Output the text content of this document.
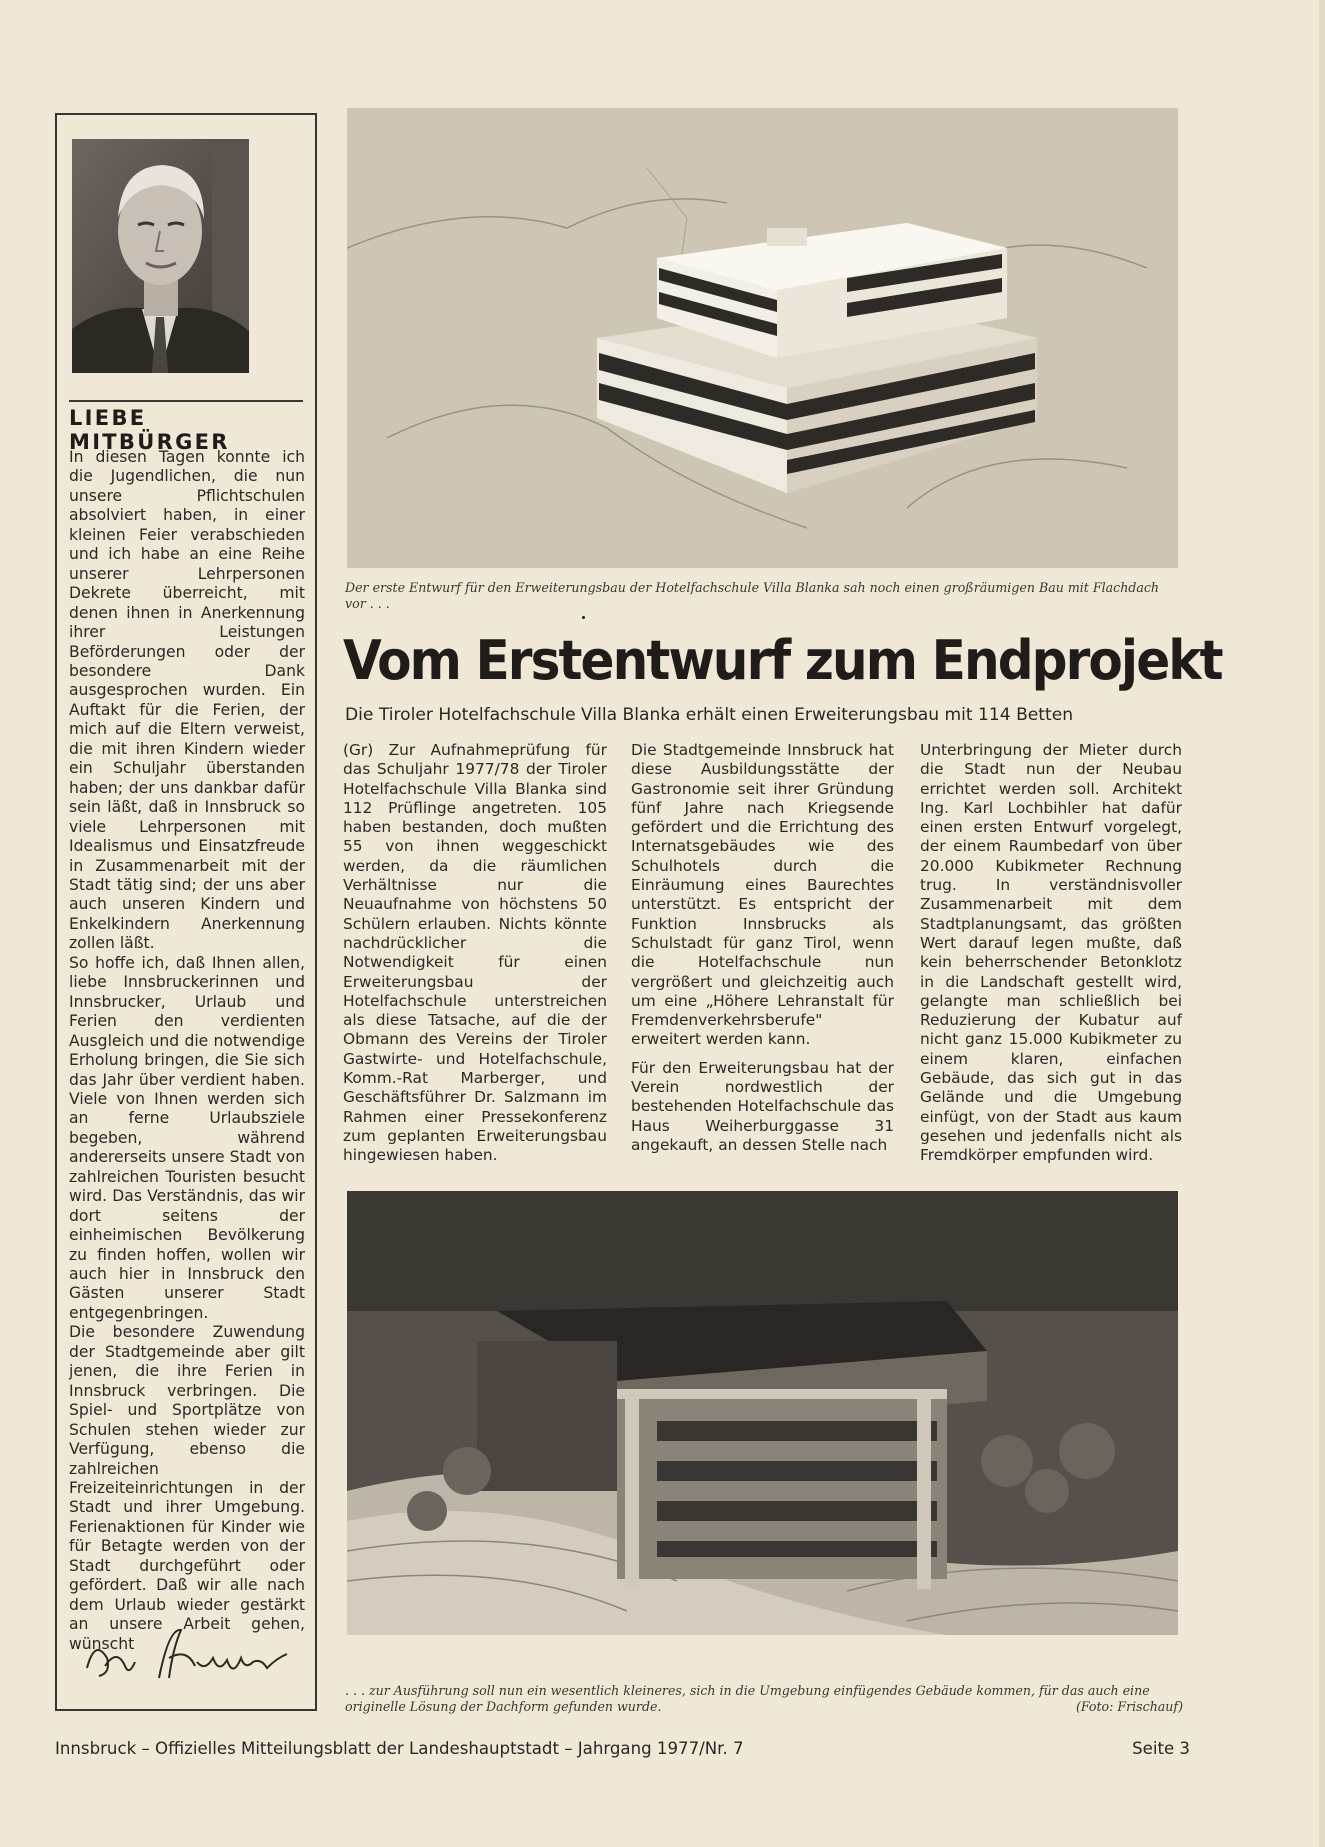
LIEBE MITBÜRGER

In diesen Tagen konnte ich die Jugendlichen, die nun unsere Pflichtschulen absolviert haben, in einer kleinen Feier verabschieden und ich habe an eine Reihe unserer Lehrpersonen Dekrete überreicht, mit denen ihnen in Anerkennung ihrer Leistungen Beförderungen oder der besondere Dank ausgesprochen wurden. Ein Auftakt für die Ferien, der mich auf die Eltern verweist, die mit ihren Kindern wieder ein Schuljahr überstanden haben; der uns dankbar dafür sein läßt, daß in Innsbruck so viele Lehrpersonen mit Idealismus und Einsatzfreude in Zusammenarbeit mit der Stadt tätig sind; der uns aber auch unseren Kindern und Enkelkindern Anerkennung zollen läßt.

So hoffe ich, daß Ihnen allen, liebe Innsbruckerinnen und Innsbrucker, Urlaub und Ferien den verdienten Ausgleich und die notwendige Erholung bringen, die Sie sich das Jahr über verdient haben. Viele von Ihnen werden sich an ferne Urlaubsziele begeben, während andererseits unsere Stadt von zahlreichen Touristen besucht wird. Das Verständnis, das wir dort seitens der einheimischen Bevölkerung zu finden hoffen, wollen wir auch hier in Innsbruck den Gästen unserer Stadt entgegenbringen.

Die besondere Zuwendung der Stadtgemeinde aber gilt jenen, die ihre Ferien in Innsbruck verbringen. Die Spiel- und Sportplätze von Schulen stehen wieder zur Verfügung, ebenso die zahlreichen Freizeiteinrichtungen in der Stadt und ihrer Umgebung. Ferienaktionen für Kinder wie für Betagte werden von der Stadt durchgeführt oder gefördert. Daß wir alle nach dem Urlaub wieder gestärkt an unsere Arbeit gehen, wünscht

Der erste Entwurf für den Erweiterungsbau der Hotelfachschule Villa Blanka sah noch einen großräumigen Bau mit Flachdach vor . . .
Vom Erstentwurf zum Endprojekt
Die Tiroler Hotelfachschule Villa Blanka erhält einen Erweiterungsbau mit 114 Betten

(Gr) Zur Aufnahmeprüfung für das Schuljahr 1977/78 der Tiroler Hotelfachschule Villa Blanka sind 112 Prüflinge angetreten. 105 haben bestanden, doch mußten 55 von ihnen weggeschickt werden, da die räumlichen Verhältnisse nur die Neuaufnahme von höchstens 50 Schülern erlauben. Nichts könnte nachdrücklicher die Notwendigkeit für einen Erweiterungsbau der Hotelfachschule unterstreichen als diese Tatsache, auf die der Obmann des Vereins der Tiroler Gastwirte- und Hotelfachschule, Komm.-Rat Marberger, und Geschäftsführer Dr. Salzmann im Rahmen einer Pressekonferenz zum geplanten Erweiterungsbau hingewiesen haben.

Die Stadtgemeinde Innsbruck hat diese Ausbildungsstätte der Gastronomie seit ihrer Gründung fünf Jahre nach Kriegsende gefördert und die Errichtung des Internatsgebäudes wie des Schulhotels durch die Einräumung eines Baurechtes unterstützt. Es entspricht der Funktion Innsbrucks als Schulstadt für ganz Tirol, wenn die Hotelfachschule nun vergrößert und gleichzeitig auch um eine „Höhere Lehranstalt für Fremdenverkehrsberufe" erweitert werden kann.

Für den Erweiterungsbau hat der Verein nordwestlich der bestehenden Hotelfachschule das Haus Weiherburggasse 31 angekauft, an dessen Stelle nach

Unterbringung der Mieter durch die Stadt nun der Neubau errichtet werden soll. Architekt Ing. Karl Lochbihler hat dafür einen ersten Entwurf vorgelegt, der einem Raumbedarf von über 20.000 Kubikmeter Rechnung trug. In verständnisvoller Zusammenarbeit mit dem Stadtplanungsamt, das größten Wert darauf legen mußte, daß kein beherrschender Betonklotz in die Landschaft gestellt wird, gelangte man schließlich bei Reduzierung der Kubatur auf nicht ganz 15.000 Kubikmeter zu einem klaren, einfachen Gebäude, das sich gut in das Gelände und die Umgebung einfügt, von der Stadt aus kaum gesehen und jedenfalls nicht als Fremdkörper empfunden wird.

. . . zur Ausführung soll nun ein wesentlich kleineres, sich in die Umgebung einfügendes Gebäude kommen, für das auch eine originelle Lösung der Dachform gefunden wurde.	(Foto: Frischauf)
Innsbruck – Offizielles Mitteilungsblatt der Landeshauptstadt – Jahrgang 1977/Nr. 7	Seite 3
